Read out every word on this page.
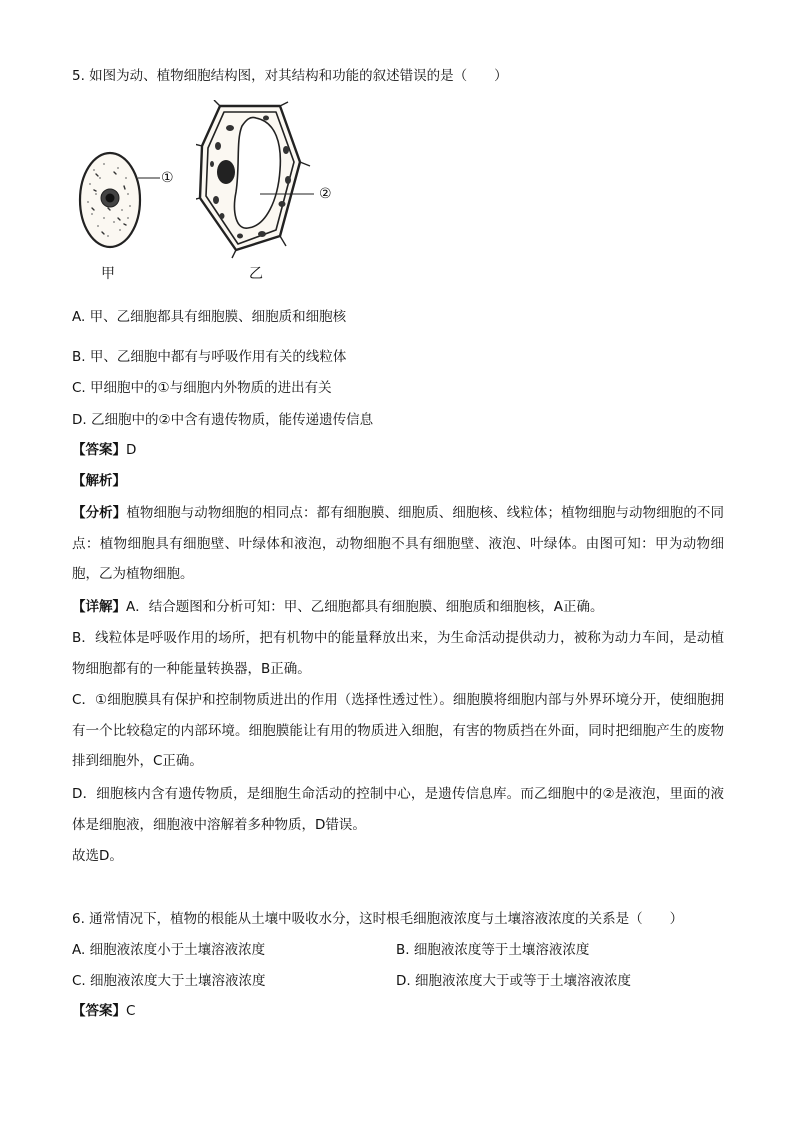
5. 如图为动、植物细胞结构图，对其结构和功能的叙述错误的是（　　）
①
甲
②
乙
A. 甲、乙细胞都具有细胞膜、细胞质和细胞核
B. 甲、乙细胞中都有与呼吸作用有关的线粒体
C. 甲细胞中的①与细胞内外物质的进出有关
D. 乙细胞中的②中含有遗传物质，能传递遗传信息
【答案】D
【解析】
【分析】植物细胞与动物细胞的相同点：都有细胞膜、细胞质、细胞核、线粒体；植物细胞与动物细胞的不同点：植物细胞具有细胞壁、叶绿体和液泡，动物细胞不具有细胞壁、液泡、叶绿体。由图可知：甲为动物细胞，乙为植物细胞。
【详解】A．结合题图和分析可知：甲、乙细胞都具有细胞膜、细胞质和细胞核，A正确。
B．线粒体是呼吸作用的场所，把有机物中的能量释放出来，为生命活动提供动力，被称为动力车间，是动植物细胞都有的一种能量转换器，B正确。
C．①细胞膜具有保护和控制物质进出的作用（选择性透过性）。细胞膜将细胞内部与外界环境分开，使细胞拥有一个比较稳定的内部环境。细胞膜能让有用的物质进入细胞，有害的物质挡在外面，同时把细胞产生的废物排到细胞外，C正确。
D．细胞核内含有遗传物质，是细胞生命活动的控制中心，是遗传信息库。而乙细胞中的②是液泡，里面的液体是细胞液，细胞液中溶解着多种物质，D错误。
故选D。
6. 通常情况下，植物的根能从土壤中吸收水分，这时根毛细胞液浓度与土壤溶液浓度的关系是（　　）
A. 细胞液浓度小于土壤溶液浓度	B. 细胞液浓度等于土壤溶液浓度
C. 细胞液浓度大于土壤溶液浓度	D. 细胞液浓度大于或等于土壤溶液浓度
【答案】C
